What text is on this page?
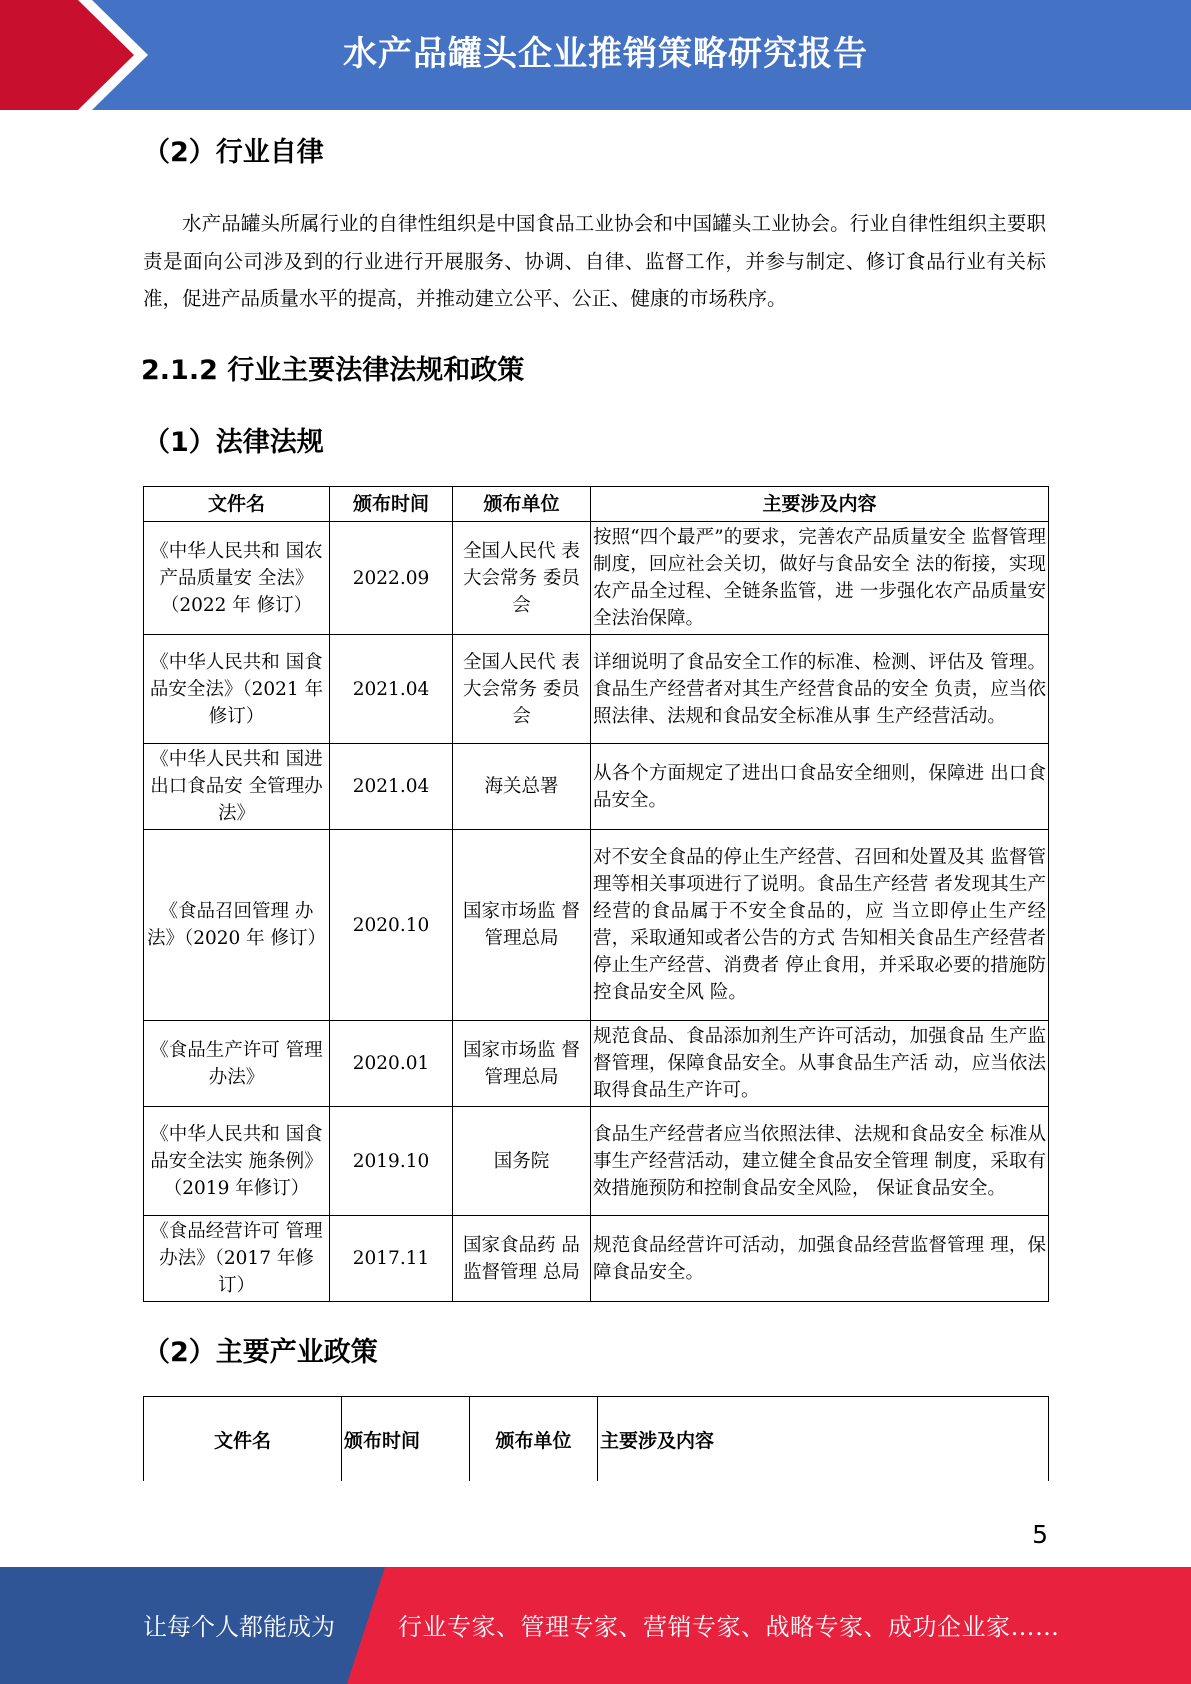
水产品罐头企业推销策略研究报告
（2）行业自律

水产品罐头所属行业的自律性组织是中国食品工业协会和中国罐头工业协会。行业自律性组织主要职责是面向公司涉及到的行业进行开展服务、协调、自律、监督工作，并参与制定、修订食品行业有关标准，促进产品质量水平的提高，并推动建立公平、公正、健康的市场秩序。

2.1.2 行业主要法律法规和政策
（1）法律法规
文件名	颁布时间	颁布单位	主要涉及内容
《中华人民共和 国农产品质量安 全法》（2022 年 修订）	2022.09	全国人民代 表大会常务 委员会	按照“四个最严”的要求，完善农产品质量安全 监督管理制度，回应社会关切，做好与食品安全 法的衔接，实现农产品全过程、全链条监管，进 一步强化农产品质量安全法治保障。
《中华人民共和 国食品安全法》（2021 年修订）	2021.04	全国人民代 表大会常务 委员会	详细说明了食品安全工作的标准、检测、评估及 管理。食品生产经营者对其生产经营食品的安全 负责，应当依照法律、法规和食品安全标准从事 生产经营活动。
《中华人民共和 国进出口食品安 全管理办法》	2021.04	海关总署	从各个方面规定了进出口食品安全细则，保障进 出口食品安全。
《食品召回管理 办法》（2020 年 修订）	2020.10	国家市场监 督管理总局	对不安全食品的停止生产经营、召回和处置及其 监督管理等相关事项进行了说明。食品生产经营 者发现其生产经营的食品属于不安全食品的，应 当立即停止生产经营，采取通知或者公告的方式 告知相关食品生产经营者停止生产经营、消费者 停止食用，并采取必要的措施防控食品安全风 险。
《食品生产许可 管理办法》	2020.01	国家市场监 督管理总局	规范食品、食品添加剂生产许可活动，加强食品 生产监督管理，保障食品安全。从事食品生产活 动，应当依法取得食品生产许可。
《中华人民共和 国食品安全法实 施条例》（2019 年修订）	2019.10	国务院	食品生产经营者应当依照法律、法规和食品安全 标准从事生产经营活动，建立健全食品安全管理 制度，采取有效措施预防和控制食品安全风险， 保证食品安全。
《食品经营许可 管理办法》（2017 年修订）	2017.11	国家食品药 品监督管理 总局	规范食品经营许可活动，加强食品经营监督管理 理，保障食品安全。
（2）主要产业政策
文件名	颁布时间	颁布单位	主要涉及内容
5
让每个人都能成为	行业专家、管理专家、营销专家、战略专家、成功企业家……
